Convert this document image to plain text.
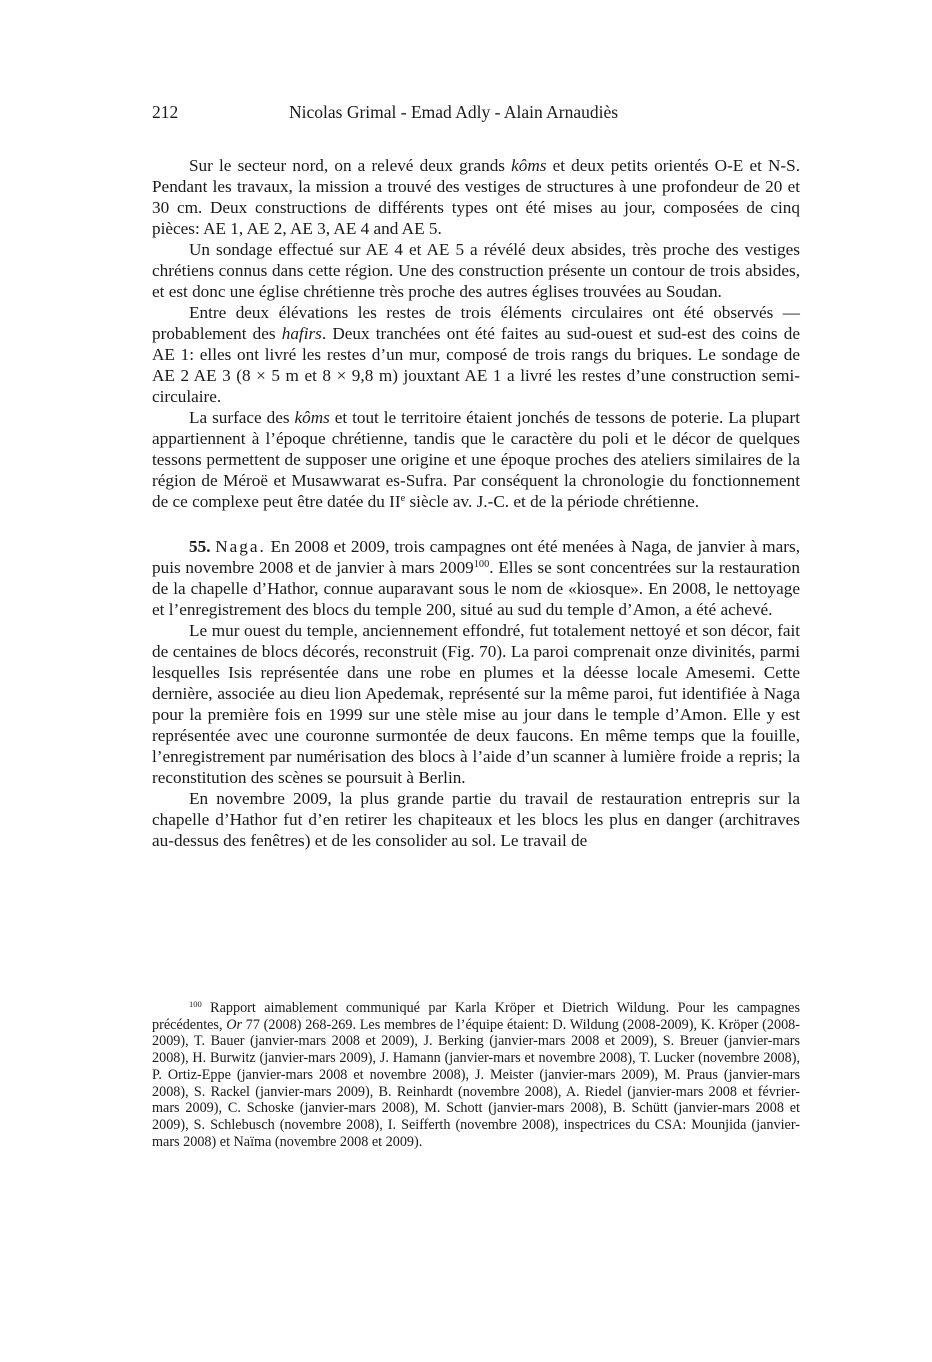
212	Nicolas Grimal - Emad Adly - Alain Arnaudiès

Sur le secteur nord, on a relevé deux grands kôms et deux petits orientés O-E et N-S. Pendant les travaux, la mission a trouvé des vestiges de structures à une profondeur de 20 et 30 cm. Deux constructions de différents types ont été mises au jour, composées de cinq pièces: AE 1, AE 2, AE 3, AE 4 and AE 5.

Un sondage effectué sur AE 4 et AE 5 a révélé deux absides, très proche des vestiges chrétiens connus dans cette région. Une des construction présente un contour de trois absides, et est donc une église chrétienne très proche des autres églises trouvées au Soudan.

Entre deux élévations les restes de trois éléments circulaires ont été observés — probablement des hafirs. Deux tranchées ont été faites au sud-ouest et sud-est des coins de AE 1: elles ont livré les restes d’un mur, composé de trois rangs du briques. Le sondage de AE 2 AE 3 (8 × 5 m et 8 × 9,8 m) jouxtant AE 1 a livré les restes d’une construction semi-circulaire.

La surface des kôms et tout le territoire étaient jonchés de tessons de poterie. La plupart appartiennent à l’époque chrétienne, tandis que le caractère du poli et le décor de quelques tessons permettent de supposer une origine et une époque proches des ateliers similaires de la région de Méroë et Musawwarat es-Sufra. Par conséquent la chronologie du fonctionnement de ce complexe peut être datée du IIe siècle av. J.-C. et de la période chrétienne.

55. Naga. En 2008 et 2009, trois campagnes ont été menées à Naga, de janvier à mars, puis novembre 2008 et de janvier à mars 2009$^{100}$. Elles se sont concentrées sur la restauration de la chapelle d’Hathor, connue auparavant sous le nom de «kiosque». En 2008, le nettoyage et l’enregistrement des blocs du temple 200, situé au sud du temple d’Amon, a été achevé.

Le mur ouest du temple, anciennement effondré, fut totalement nettoyé et son décor, fait de centaines de blocs décorés, reconstruit (Fig. 70). La paroi comprenait onze divinités, parmi lesquelles Isis représentée dans une robe en plumes et la déesse locale Amesemi. Cette dernière, associée au dieu lion Apedemak, représenté sur la même paroi, fut identifiée à Naga pour la première fois en 1999 sur une stèle mise au jour dans le temple d’Amon. Elle y est représentée avec une couronne surmontée de deux faucons. En même temps que la fouille, l’enregistrement par numérisation des blocs à l’aide d’un scanner à lumière froide a repris; la reconstitution des scènes se poursuit à Berlin.

En novembre 2009, la plus grande partie du travail de restauration entrepris sur la chapelle d’Hathor fut d’en retirer les chapiteaux et les blocs les plus en danger (architraves au-dessus des fenêtres) et de les consolider au sol. Le travail de

$^{100}$ Rapport aimablement communiqué par Karla Kröper et Dietrich Wildung. Pour les campagnes précédentes, Or 77 (2008) 268-269. Les membres de l’équipe étaient: D. Wildung (2008-2009), K. Kröper (2008-2009), T. Bauer (janvier-mars 2008 et 2009), J. Berking (janvier-mars 2008 et 2009), S. Breuer (janvier-mars 2008), H. Burwitz (janvier-mars 2009), J. Hamann (janvier-mars et novembre 2008), T. Lucker (novembre 2008), P. Ortiz-Eppe (janvier-mars 2008 et novembre 2008), J. Meister (janvier-mars 2009), M. Praus (janvier-mars 2008), S. Rackel (janvier-mars 2009), B. Reinhardt (novembre 2008), A. Riedel (janvier-mars 2008 et février-mars 2009), C. Schoske (janvier-mars 2008), M. Schott (janvier-mars 2008), B. Schütt (janvier-mars 2008 et 2009), S. Schlebusch (novembre 2008), I. Seifferth (novembre 2008), inspectrices du CSA: Mounjida (janvier-mars 2008) et Naïma (novembre 2008 et 2009).
